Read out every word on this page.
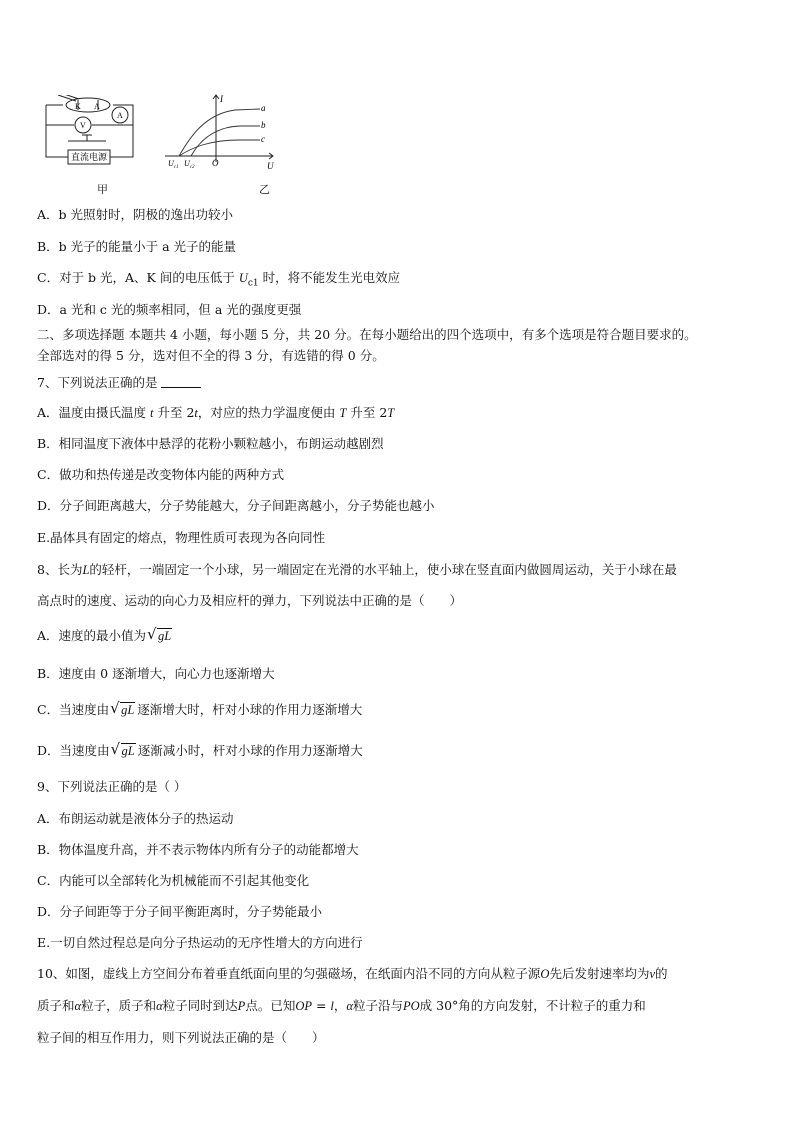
K A
V
A
直流电源
甲
I
U
O
a
b
c
$U_{c1}$ $U_{c2}$
乙
A．b 光照射时，阴极的逸出功较小
B．b 光子的能量小于 a 光子的能量
C．对于 b 光，A、K 间的电压低于 $U_{c1}$ 时，将不能发生光电效应
D．a 光和 c 光的频率相同，但 a 光的强度更强
二、多项选择题 本题共 4 小题，每小题 5 分，共 20 分。在每小题给出的四个选项中，有多个选项是符合题目要求的。
全部选对的得 5 分，选对但不全的得 3 分，有选错的得 0 分。
7、下列说法正确的是
A．温度由摄氏温度 t 升至 2t，对应的热力学温度便由 T 升至 2T
B．相同温度下液体中悬浮的花粉小颗粒越小，布朗运动越剧烈
C．做功和热传递是改变物体内能的两种方式
D．分子间距离越大，分子势能越大，分子间距离越小，分子势能也越小
E.晶体具有固定的熔点，物理性质可表现为各向同性
8、长为L的轻杆，一端固定一个小球，另一端固定在光滑的水平轴上，使小球在竖直面内做圆周运动，关于小球在最
高点时的速度、运动的向心力及相应杆的弹力，下列说法中正确的是（　　）
A．速度的最小值为 √ gL
B．速度由 0 逐渐增大，向心力也逐渐增大
C．当速度由 √ gL 逐渐增大时，杆对小球的作用力逐渐增大
D．当速度由 √ gL 逐渐减小时，杆对小球的作用力逐渐增大
9、下列说法正确的是（ ）
A．布朗运动就是液体分子的热运动
B．物体温度升高，并不表示物体内所有分子的动能都增大
C．内能可以全部转化为机械能而不引起其他变化
D．分子间距等于分子间平衡距离时，分子势能最小
E.一切自然过程总是向分子热运动的无序性增大的方向进行
10、如图，虚线上方空间分布着垂直纸面向里的匀强磁场，在纸面内沿不同的方向从粒子源O先后发射速率均为v的
质子和α粒子，质子和α粒子同时到达P点。已知OP = l，α粒子沿与PO成 30°角的方向发射，不计粒子的重力和
粒子间的相互作用力，则下列说法正确的是（　　）
